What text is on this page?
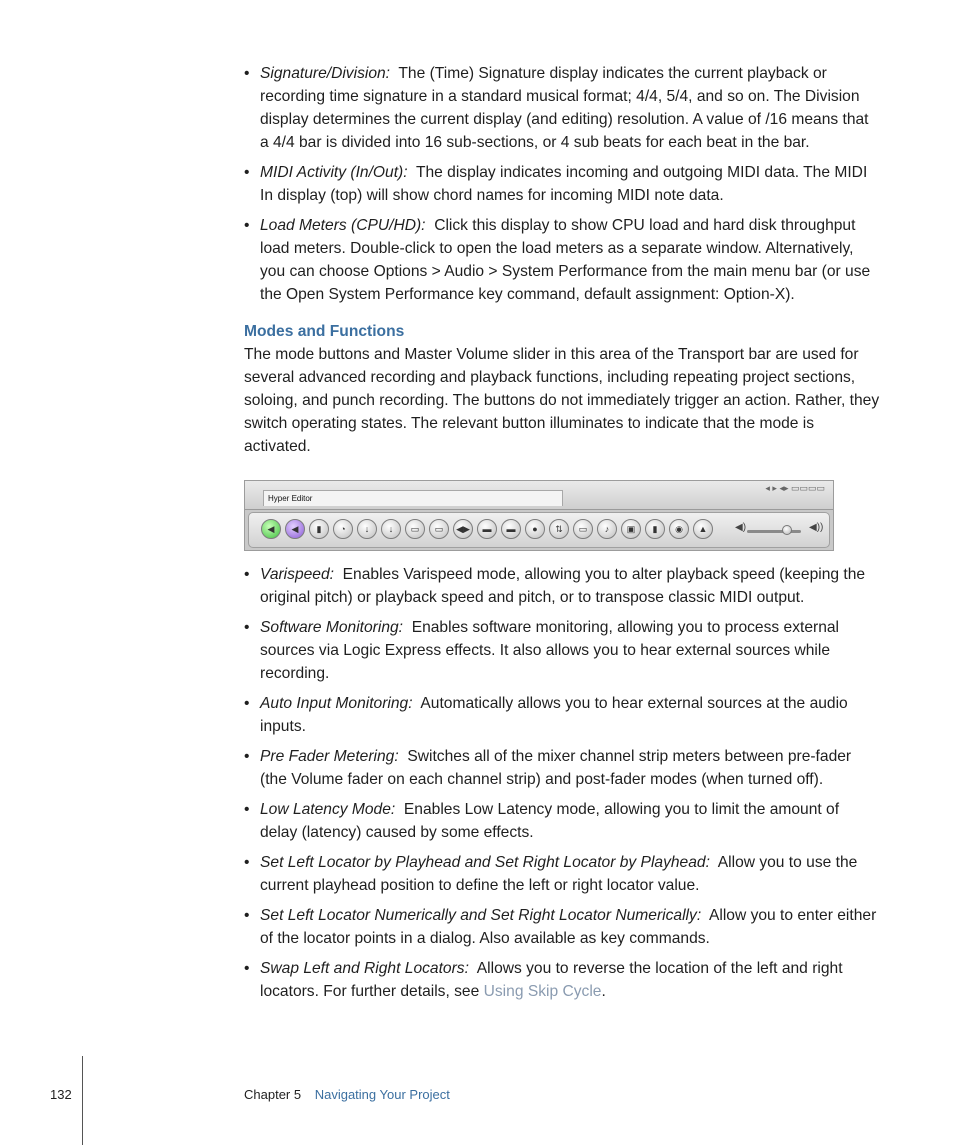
• Signature/Division: The (Time) Signature display indicates the current playback or recording time signature in a standard musical format; 4/4, 5/4, and so on. The Division display determines the current display (and editing) resolution. A value of /16 means that a 4/4 bar is divided into 16 sub-sections, or 4 sub beats for each beat in the bar.
• MIDI Activity (In/Out): The display indicates incoming and outgoing MIDI data. The MIDI In display (top) will show chord names for incoming MIDI note data.
• Load Meters (CPU/HD): Click this display to show CPU load and hard disk throughput load meters. Double-click to open the load meters as a separate window. Alternatively, you can choose Options > Audio > System Performance from the main menu bar (or use the Open System Performance key command, default assignment: Option-X).
Modes and Functions
The mode buttons and Master Volume slider in this area of the Transport bar are used for several advanced recording and playback functions, including repeating project sections, soloing, and punch recording. The buttons do not immediately trigger an action. Rather, they switch operating states. The relevant button illuminates to indicate that the mode is activated.
Hyper Editor
◂ ▸ ◂▸ ▭▭▭▭
◀	◀	▮	◔	↓	↓	▭	▭	◀▶	▬	▬	●	⇅	▭	♪	▣	▮	◉	▲	◀)	◀))
• Varispeed: Enables Varispeed mode, allowing you to alter playback speed (keeping the original pitch) or playback speed and pitch, or to transpose classic MIDI output.
• Software Monitoring: Enables software monitoring, allowing you to process external sources via Logic Express effects. It also allows you to hear external sources while recording.
• Auto Input Monitoring: Automatically allows you to hear external sources at the audio inputs.
• Pre Fader Metering: Switches all of the mixer channel strip meters between pre-fader (the Volume fader on each channel strip) and post-fader modes (when turned off).
• Low Latency Mode: Enables Low Latency mode, allowing you to limit the amount of delay (latency) caused by some effects.
• Set Left Locator by Playhead and Set Right Locator by Playhead: Allow you to use the current playhead position to define the left or right locator value.
• Set Left Locator Numerically and Set Right Locator Numerically: Allow you to enter either of the locator points in a dialog. Also available as key commands.
• Swap Left and Right Locators: Allows you to reverse the location of the left and right locators. For further details, see Using Skip Cycle.
132	Chapter 5 Navigating Your Project
